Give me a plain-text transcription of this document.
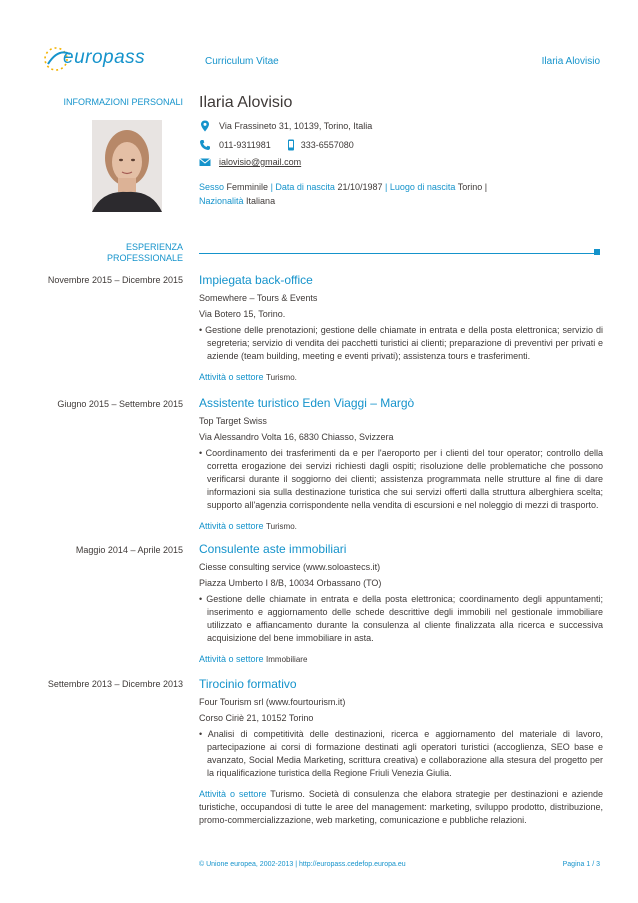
europass	Curriculum Vitae	Ilaria Alovisio
INFORMAZIONI PERSONALI Ilaria Alovisio
Via Frassineto 31, 10139, Torino, Italia
011-9311981	333-6557080
ialovisio@gmail.com
Sesso Femminile | Data di nascita 21/10/1987 | Luogo di nascita Torino |
Nazionalità Italiana
ESPERIENZA
PROFESSIONALE
Novembre 2015 – Dicembre 2015 Impiegata back-office
Somewhere – Tours & Events
Via Botero 15, Torino.
• Gestione delle prenotazioni; gestione delle chiamate in entrata e della posta elettronica; servizio di segreteria; servizio di vendita dei pacchetti turistici ai clienti; preparazione di preventivi per privati e aziende (team building, meeting e eventi privati); assistenza tours e trasferimenti.
Attività o settore Turismo.
Giugno 2015 – Settembre 2015 Assistente turistico Eden Viaggi – Margò
Top Target Swiss
Via Alessandro Volta 16, 6830 Chiasso, Svizzera
• Coordinamento dei trasferimenti da e per l'aeroporto per i clienti del tour operator; controllo della corretta erogazione dei servizi richiesti dagli ospiti; risoluzione delle problematiche che possono verificarsi durante il soggiorno dei clienti; assistenza programmata nelle strutture al fine di dare informazioni sia sulla destinazione turistica che sui servizi offerti dalla struttura alberghiera scelta; supporto all'agenzia corrispondente nella vendita di escursioni e nel noleggio di mezzi di trasporto.
Attività o settore Turismo.
Maggio 2014 – Aprile 2015 Consulente aste immobiliari
Ciesse consulting service (www.soloastecs.it)
Piazza Umberto I 8/B, 10034 Orbassano (TO)
• Gestione delle chiamate in entrata e della posta elettronica; coordinamento degli appuntamenti; inserimento e aggiornamento delle schede descrittive degli immobili nel gestionale immobiliare utilizzato e affiancamento durante la consulenza al cliente finalizzata alla ricerca e successiva acquisizione del bene immobiliare in asta.
Attività o settore Immobiliare
Settembre 2013 – Dicembre 2013 Tirocinio formativo
Four Tourism srl (www.fourtourism.it)
Corso Ciriè 21, 10152 Torino
• Analisi di competitività delle destinazioni, ricerca e aggiornamento del materiale di lavoro, partecipazione ai corsi di formazione destinati agli operatori turistici (accoglienza, SEO base e avanzato, Social Media Marketing, scrittura creativa) e collaborazione alla stesura del progetto per la riqualificazione turistica della Regione Friuli Venezia Giulia.
Attività o settore Turismo. Società di consulenza che elabora strategie per destinazioni e aziende turistiche, occupandosi di tutte le aree del management: marketing, sviluppo prodotto, distribuzione, promo-commercializzazione, web marketing, comunicazione e pubbliche relazioni.
© Unione europea, 2002-2013 | http://europass.cedefop.europa.eu	Pagina 1 / 3
